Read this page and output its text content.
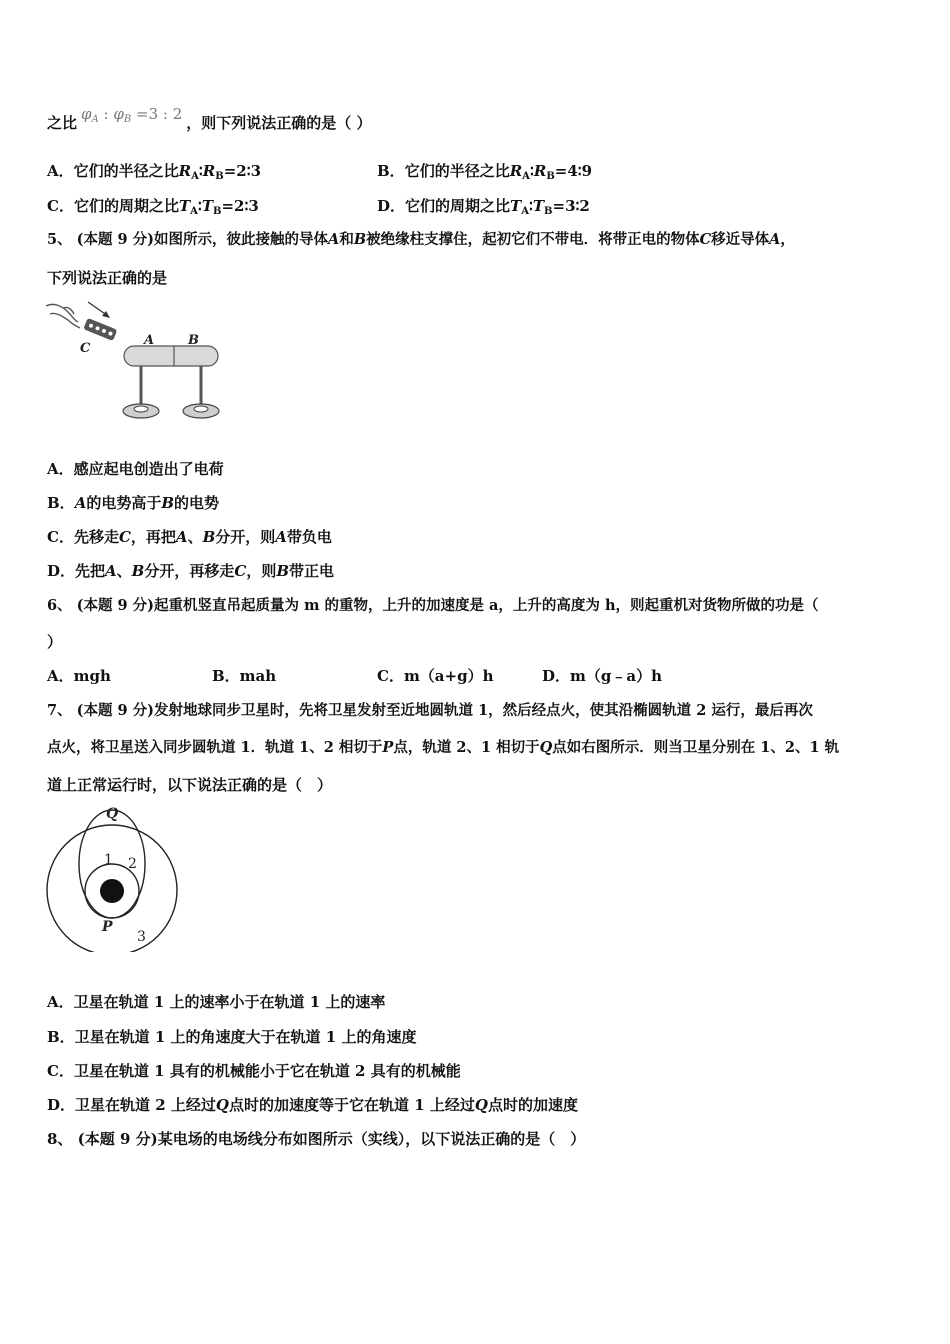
之比 $\varphi_A$ : $\varphi_B =3$ : 2 ，则下列说法正确的是（ ）
A．它们的半径之比$R_A∶R_B=2∶3$	B．它们的半径之比$R_A∶R_B=4∶9$
C．它们的周期之比$T_A∶T_B=2∶3$	D．它们的周期之比$T_A∶T_B=3∶2$
5、 (本题 9 分)如图所示，彼此接触的导体A和B被绝缘柱支撑住，起初它们不带电．将带正电的物体C移近导体A，
下列说法正确的是
C
A	B
A．感应起电创造出了电荷
B．A的电势高于B的电势
C．先移走C，再把A、B分开，则A带负电
D．先把A、B分开，再移走C，则B带正电
6、 (本题 9 分)起重机竖直吊起质量为 m 的重物，上升的加速度是 a，上升的高度为 h，则起重机对货物所做的功是（
）
A．mgh	B．mah	C．m（a+g）h	D．m（g﹣a）h
7、 (本题 9 分)发射地球同步卫星时，先将卫星发射至近地圆轨道 1，然后经点火，使其沿椭圆轨道 2 运行，最后再次
点火，将卫星送入同步圆轨道 1．轨道 1、2 相切于P点，轨道 2、1 相切于Q点如右图所示．则当卫星分别在 1、2、1 轨
道上正常运行时，以下说法正确的是（　）
Q
1 2
P
3
A．卫星在轨道 1 上的速率小于在轨道 1 上的速率
B．卫星在轨道 1 上的角速度大于在轨道 1 上的角速度
C．卫星在轨道 1 具有的机械能小于它在轨道 2 具有的机械能
D．卫星在轨道 2 上经过Q点时的加速度等于它在轨道 1 上经过Q点时的加速度
8、 (本题 9 分)某电场的电场线分布如图所示（实线），以下说法正确的是（　）
